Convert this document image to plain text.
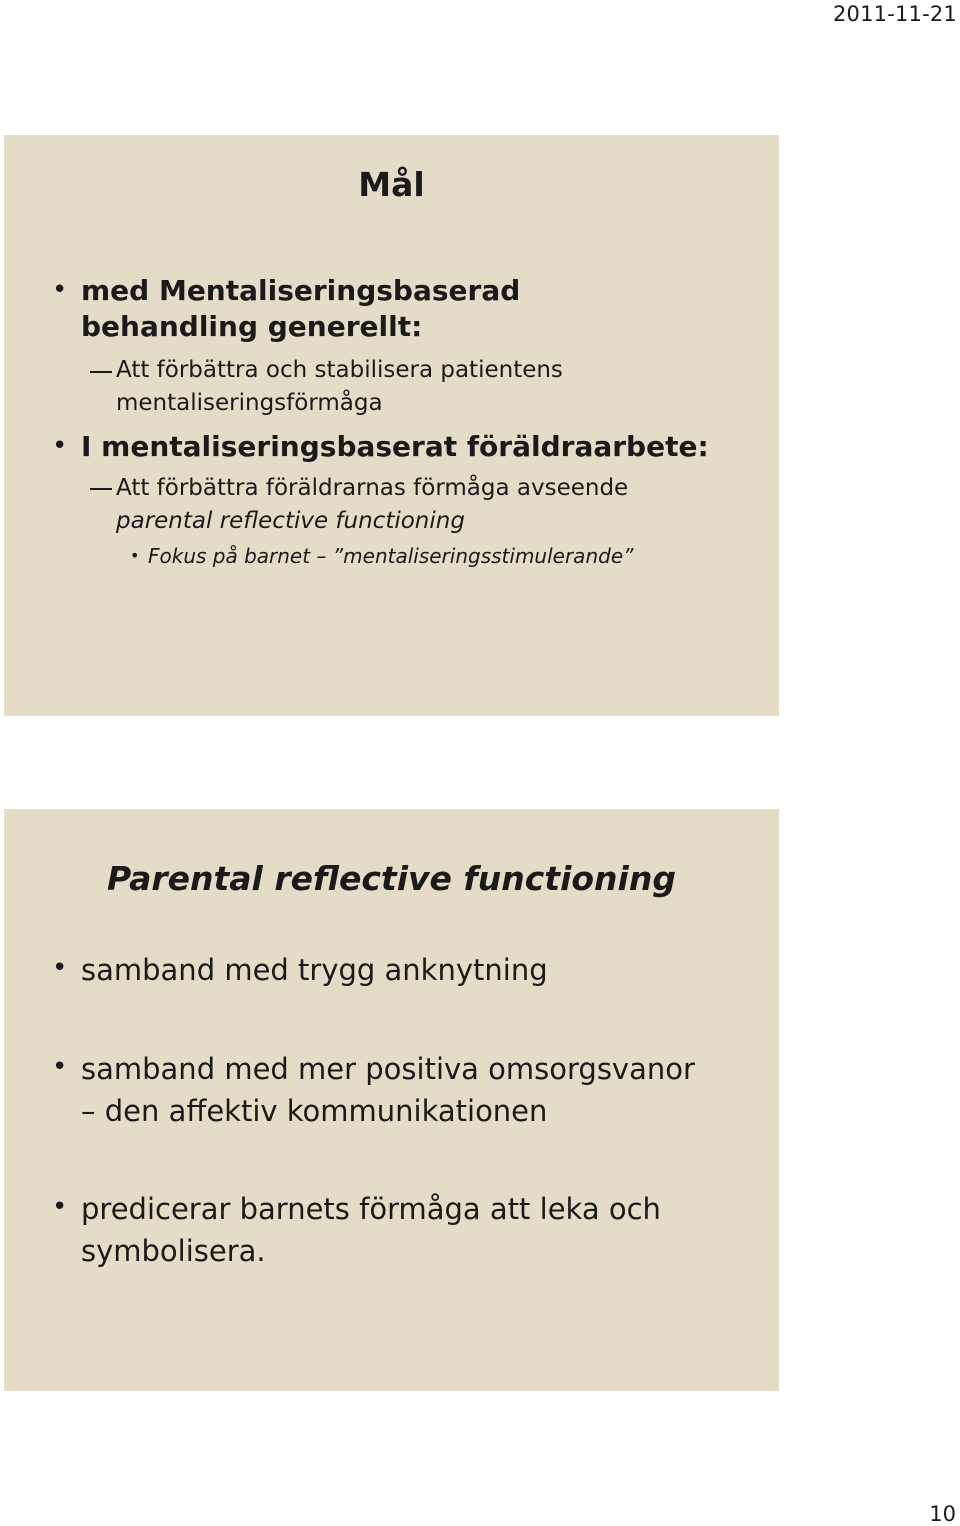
2011-11-21
Mål
• med Mentaliseringsbaserad behandling generellt:
Att förbättra och stabilisera patientens mentaliseringsförmåga
• I mentaliseringsbaserat föräldraarbete:
Att förbättra föräldrarnas förmåga avseende
parental reflective functioning
• Fokus på barnet – ”mentaliseringsstimulerande”
Parental reflective functioning
• samband med trygg anknytning
• samband med mer positiva omsorgsvanor – den affektiv kommunikationen
• predicerar barnets förmåga att leka och symbolisera.
10
